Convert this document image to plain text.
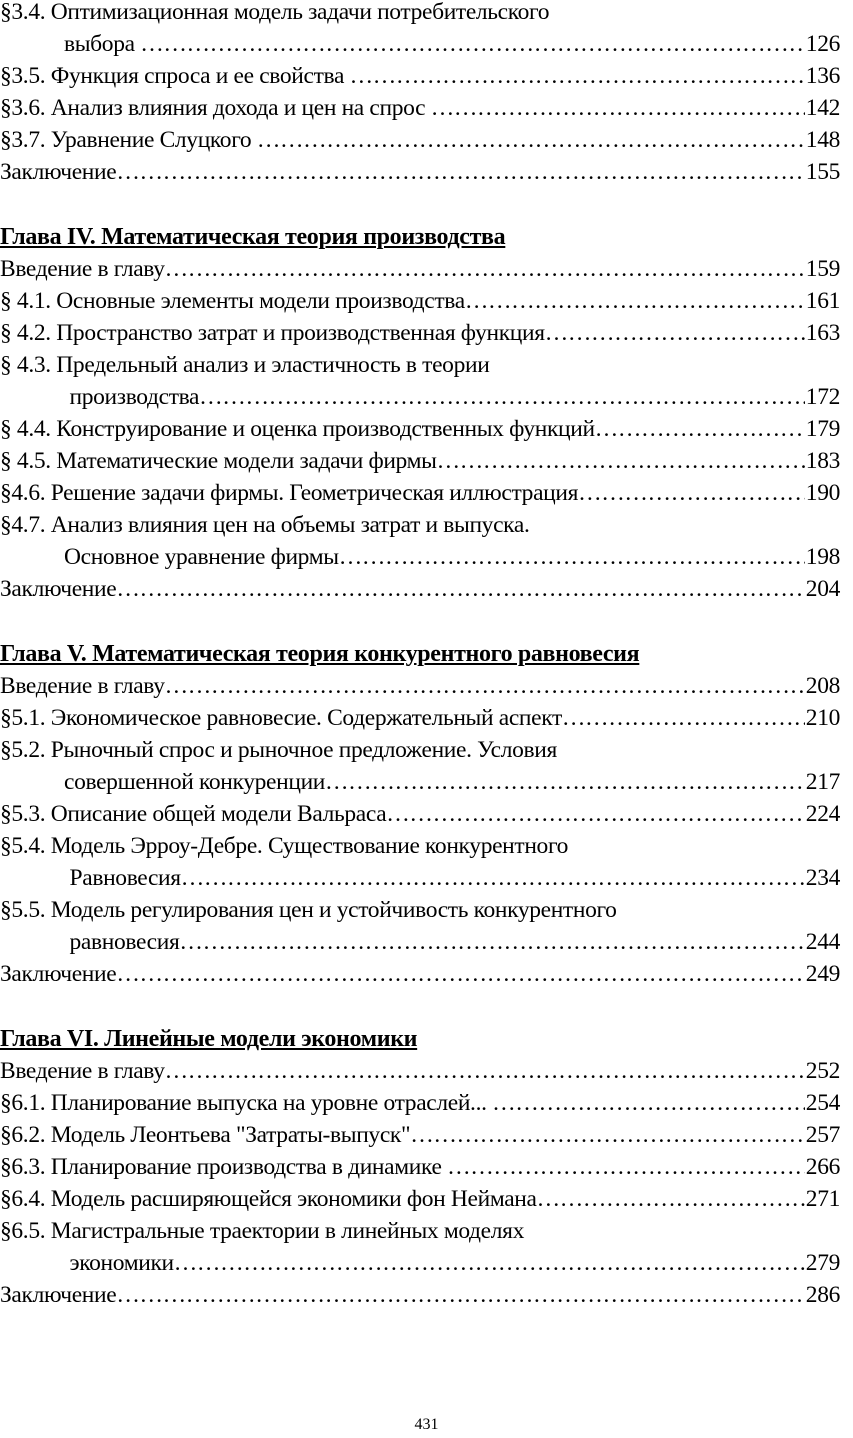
§3.4. Оптимизационная модель задачи потребительского
выбора ……………………………………………………………………………………………………………………………………………	126
§3.5. Функция спроса и ее свойства ……………………………………………………………………………………………………………………………………………	136
§3.6. Анализ влияния дохода и цен на спрос ……………………………………………………………………………………………………………………………………………	142
§3.7. Уравнение Слуцкого ……………………………………………………………………………………………………………………………………………	148
Заключение ……………………………………………………………………………………………………………………………………………	155
Глава IV. Математическая теория производства
Введение в главу ……………………………………………………………………………………………………………………………………………	159
§ 4.1. Основные элементы модели производства ……………………………………………………………………………………………………………………………………………	161
§ 4.2. Пространство затрат и производственная функция ……………………………………………………………………………………………………………………………………………	163
§ 4.3. Предельный анализ и эластичность в теории
производства ……………………………………………………………………………………………………………………………………………	172
§ 4.4. Конструирование и оценка производственных функций ……………………………………………………………………………………………………………………………………………	179
§ 4.5. Математические модели задачи фирмы ……………………………………………………………………………………………………………………………………………	183
§4.6. Решение задачи фирмы. Геометрическая иллюстрация ……………………………………………………………………………………………………………………………………………	190
§4.7. Анализ влияния цен на объемы затрат и выпуска.
Основное уравнение фирмы ……………………………………………………………………………………………………………………………………………	198
Заключение ……………………………………………………………………………………………………………………………………………	204
Глава V. Математическая теория конкурентного равновесия
Введение в главу ……………………………………………………………………………………………………………………………………………	208
§5.1. Экономическое равновесие. Содержательный аспект ……………………………………………………………………………………………………………………………………………	210
§5.2. Рыночный спрос и рыночное предложение. Условия
совершенной конкуренции ……………………………………………………………………………………………………………………………………………	217
§5.3. Описание общей модели Вальраса ……………………………………………………………………………………………………………………………………………	224
§5.4. Модель Эрроу-Дебре. Существование конкурентного
Равновесия ……………………………………………………………………………………………………………………………………………	234
§5.5. Модель регулирования цен и устойчивость конкурентного
равновесия ……………………………………………………………………………………………………………………………………………	244
Заключение ……………………………………………………………………………………………………………………………………………	249
Глава VI. Линейные модели экономики
Введение в главу ……………………………………………………………………………………………………………………………………………	252
§6.1. Планирование выпуска на уровне отраслей... ……………………………………………………………………………………………………………………………………………	254
§6.2. Модель Леонтьева "Затраты-выпуск" ……………………………………………………………………………………………………………………………………………	257
§6.3. Планирование производства в динамике ……………………………………………………………………………………………………………………………………………	266
§6.4. Модель расширяющейся экономики фон Неймана ……………………………………………………………………………………………………………………………………………	271
§6.5. Магистральные траектории в линейных моделях
экономики ……………………………………………………………………………………………………………………………………………	279
Заключение ……………………………………………………………………………………………………………………………………………	286
431
